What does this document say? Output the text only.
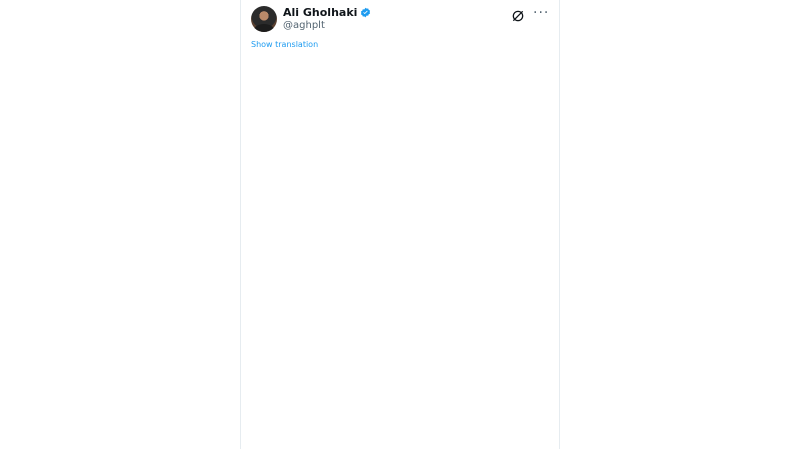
Ali Gholhaki
@aghplt
···
Show translation
